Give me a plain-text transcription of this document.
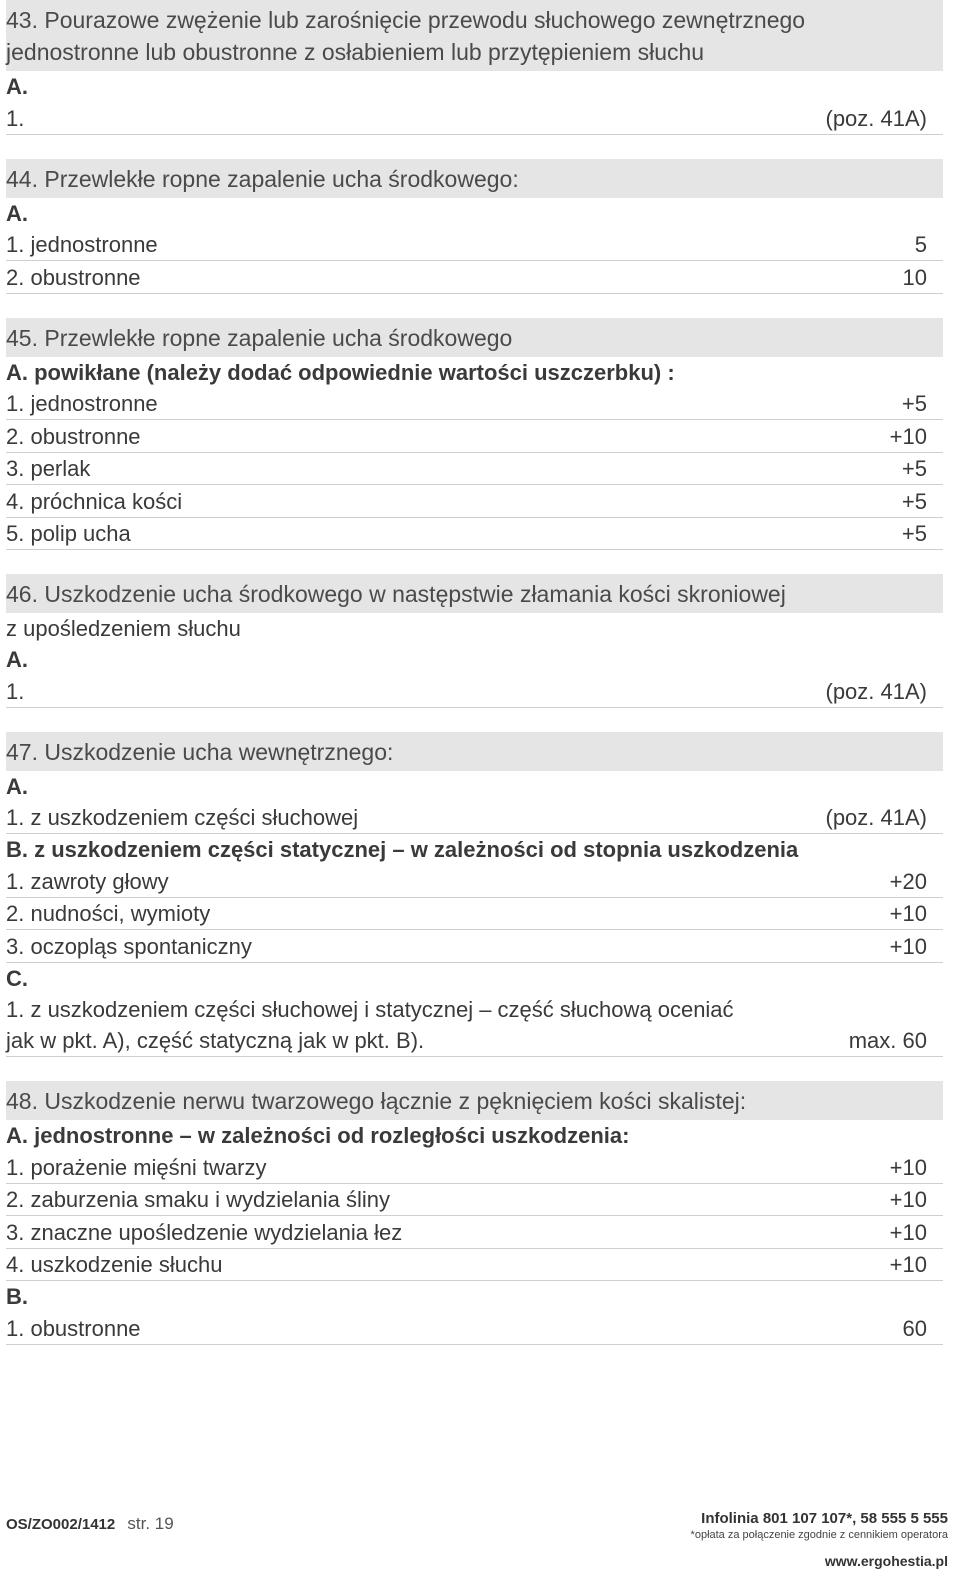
43. Pourazowe zwężenie lub zarośnięcie przewodu słuchowego zewnętrznego
jednostronne lub obustronne z osłabieniem lub przytępieniem słuchu
A.
1.	(poz. 41A)
44. Przewlekłe ropne zapalenie ucha środkowego:
A.
1. jednostronne	5
2. obustronne	10
45. Przewlekłe ropne zapalenie ucha środkowego
A. powikłane (należy dodać odpowiednie wartości uszczerbku) :
1. jednostronne	+5
2. obustronne	+10
3. perlak	+5
4. próchnica kości	+5
5. polip ucha	+5
46. Uszkodzenie ucha środkowego w następstwie złamania kości skroniowej
z upośledzeniem słuchu
A.
1.	(poz. 41A)
47. Uszkodzenie ucha wewnętrznego:
A.
1. z uszkodzeniem części słuchowej	(poz. 41A)
B. z uszkodzeniem części statycznej – w zależności od stopnia uszkodzenia
1. zawroty głowy	+20
2. nudności, wymioty	+10
3. oczopląs spontaniczny	+10
C.
1. z uszkodzeniem części słuchowej i statycznej – część słuchową oceniać
jak w pkt. A), część statyczną jak w pkt. B).	max. 60
48. Uszkodzenie nerwu twarzowego łącznie z pęknięciem kości skalistej:
A. jednostronne – w zależności od rozległości uszkodzenia:
1. porażenie mięśni twarzy	+10
2. zaburzenia smaku i wydzielania śliny	+10
3. znaczne upośledzenie wydzielania łez	+10
4. uszkodzenie słuchu	+10
B.
1. obustronne	60
OS/ZO002/1412 str. 19	Infolinia 801 107 107*, 58 555 5 555
*opłata za połączenie zgodnie z cennikiem operatora
www.ergohestia.pl
